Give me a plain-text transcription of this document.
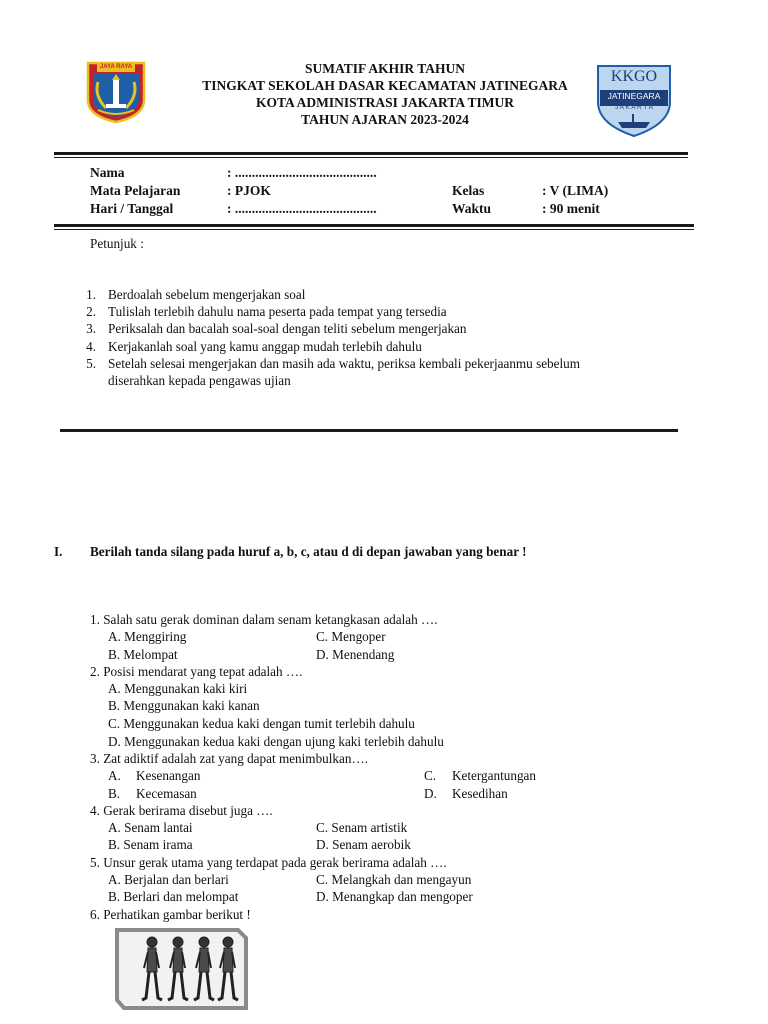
JAYA RAYA	SUMATIF AKHIR TAHUN
TINGKAT SEKOLAH DASAR KECAMATAN JATINEGARA
KOTA ADMINISTRASI JAKARTA TIMUR
TAHUN AJARAN 2023-2024
KKGO
JATINEGARA
J A K A R T A
Nama	: ..........................................
Mata Pelajaran	: PJOK	Kelas	: V (LIMA)
Hari / Tanggal	: ..........................................	Waktu	: 90 menit
Petunjuk :
1. Berdoalah sebelum mengerjakan soal
2. Tulislah terlebih dahulu nama peserta pada tempat yang tersedia
3. Periksalah dan bacalah soal-soal dengan teliti sebelum mengerjakan
4. Kerjakanlah soal yang kamu anggap mudah terlebih dahulu
5. Setelah selesai mengerjakan dan masih ada waktu, periksa kembali pekerjaanmu sebelum
diserahkan kepada pengawas ujian
I. Berilah tanda silang pada huruf a, b, c, atau d di depan jawaban yang benar !
1. Salah satu gerak dominan dalam senam ketangkasan adalah ….
A. Menggiring	C. Mengoper
B. Melompat	D. Menendang
2. Posisi mendarat yang tepat adalah ….
A. Menggunakan kaki kiri
B. Menggunakan kaki kanan
C. Menggunakan kedua kaki dengan tumit terlebih dahulu
D. Menggunakan kedua kaki dengan ujung kaki terlebih dahulu
3. Zat adiktif adalah zat yang dapat menimbulkan….
A. Kesenangan	C. Ketergantungan
B. Kecemasan	D. Kesedihan
4. Gerak berirama disebut juga ….
A. Senam lantai	C. Senam artistik
B. Senam irama	D. Senam aerobik
5. Unsur gerak utama yang terdapat pada gerak berirama adalah ….
A. Berjalan dan berlari	C. Melangkah dan mengayun
B. Berlari dan melompat	D. Menangkap dan mengoper
6. Perhatikan gambar berikut !
